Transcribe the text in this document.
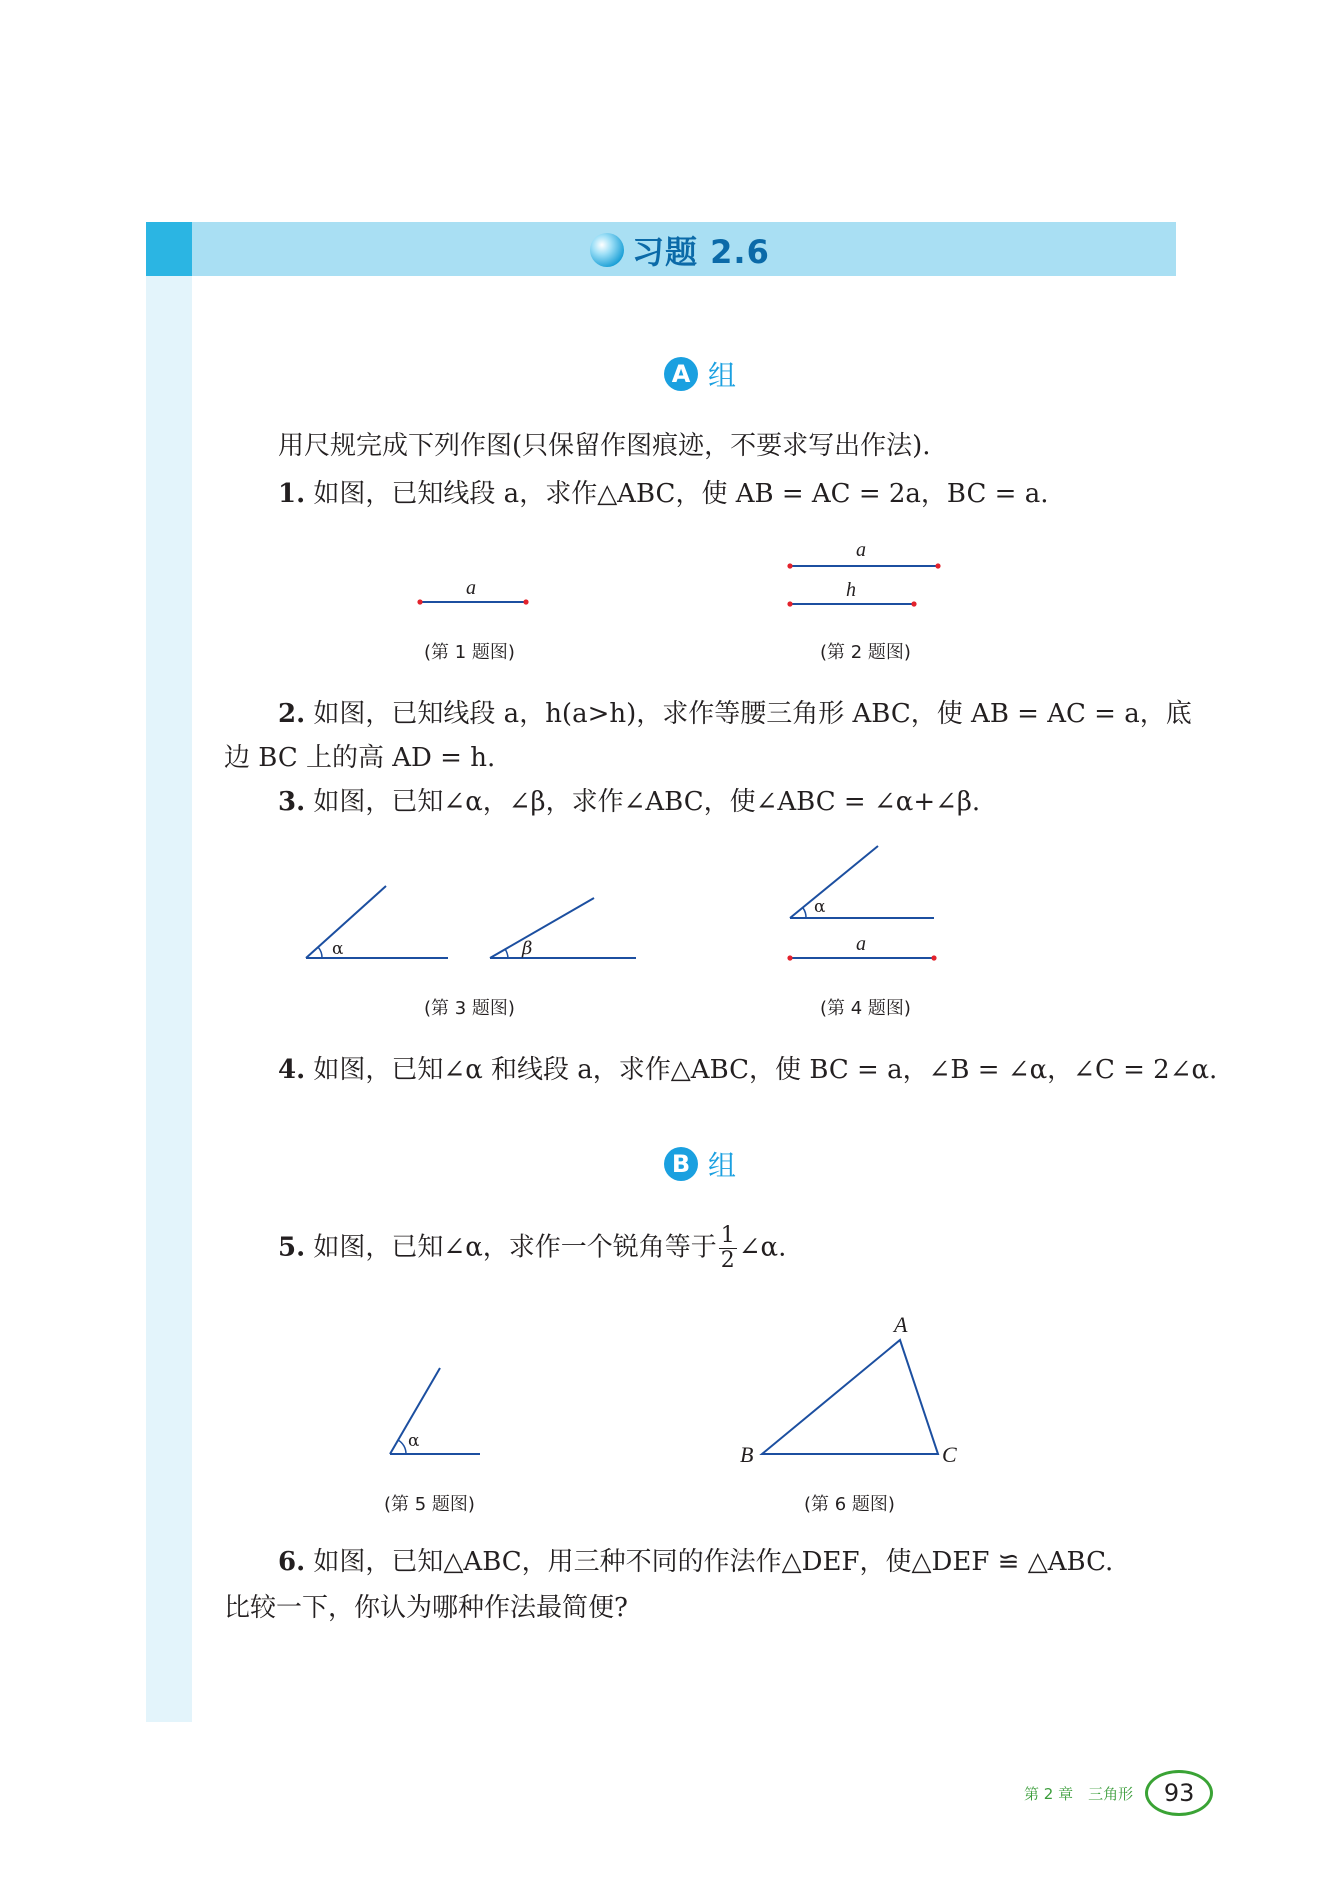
习题 2.6
A 组
用尺规完成下列作图(只保留作图痕迹，不要求写出作法).
1. 如图，已知线段 a，求作△ABC，使 AB = AC = 2a，BC = a.
a
(第 1 题图)
a
h
(第 2 题图)
2. 如图，已知线段 a，h(a>h)，求作等腰三角形 ABC，使 AB = AC = a，底
边 BC 上的高 AD = h.
3. 如图，已知∠α，∠β，求作∠ABC，使∠ABC = ∠α+∠β.
α	β
(第 3 题图)
α
a
(第 4 题图)
4. 如图，已知∠α 和线段 a，求作△ABC，使 BC = a，∠B = ∠α，∠C = 2∠α.
B 组
5. 如图，已知∠α，求作一个锐角等于 $\frac{1}{2}$ ∠α.
α
(第 5 题图)
A
B	C
(第 6 题图)
6. 如图，已知△ABC，用三种不同的作法作△DEF，使△DEF ≌ △ABC.
比较一下，你认为哪种作法最简便?
第 2 章　三角形	93
